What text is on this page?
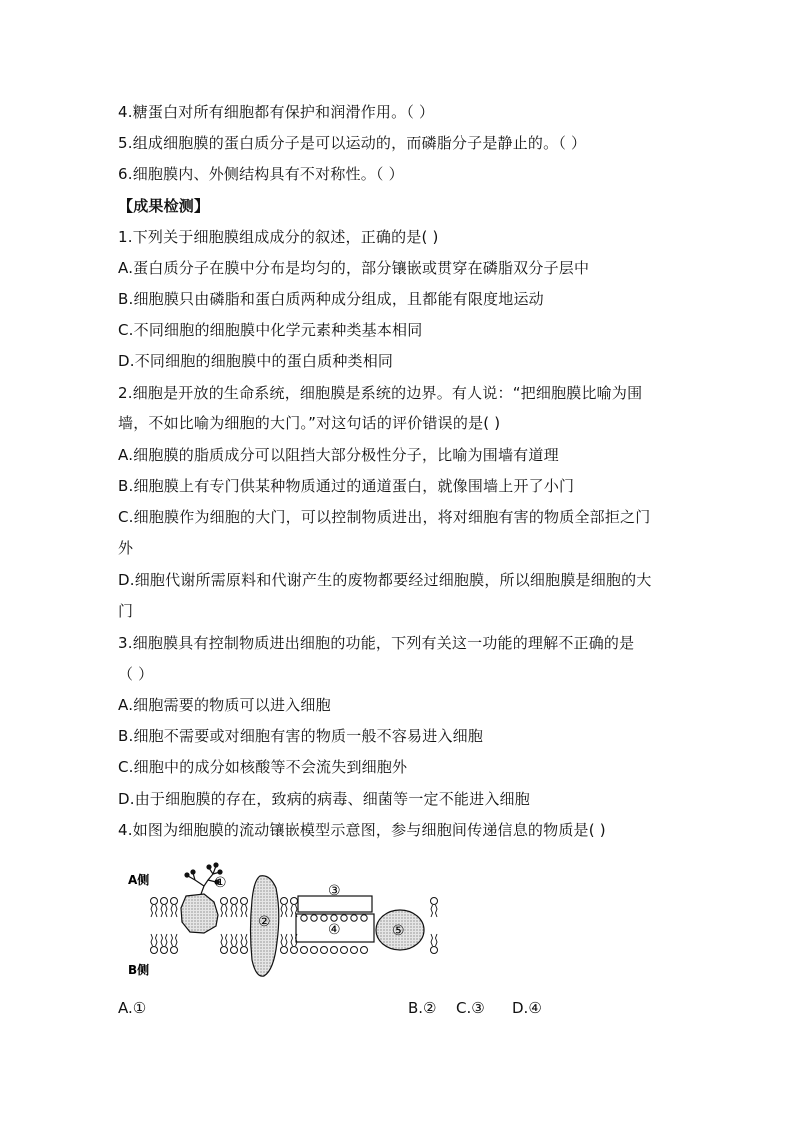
4.糖蛋白对所有细胞都有保护和润滑作用。（ ）
5.组成细胞膜的蛋白质分子是可以运动的，而磷脂分子是静止的。（ ）
6.细胞膜内、外侧结构具有不对称性。（ ）
【成果检测】
1.下列关于细胞膜组成成分的叙述，正确的是( )
A.蛋白质分子在膜中分布是均匀的，部分镶嵌或贯穿在磷脂双分子层中
B.细胞膜只由磷脂和蛋白质两种成分组成，且都能有限度地运动
C.不同细胞的细胞膜中化学元素种类基本相同
D.不同细胞的细胞膜中的蛋白质种类相同
2.细胞是开放的生命系统，细胞膜是系统的边界。有人说：“把细胞膜比喻为围
墙，不如比喻为细胞的大门。”对这句话的评价错误的是( )
A.细胞膜的脂质成分可以阻挡大部分极性分子，比喻为围墙有道理
B.细胞膜上有专门供某种物质通过的通道蛋白，就像围墙上开了小门
C.细胞膜作为细胞的大门，可以控制物质进出，将对细胞有害的物质全部拒之门
外
D.细胞代谢所需原料和代谢产生的废物都要经过细胞膜，所以细胞膜是细胞的大
门
3.细胞膜具有控制物质进出细胞的功能，下列有关这一功能的理解不正确的是
（ ）
A.细胞需要的物质可以进入细胞
B.细胞不需要或对细胞有害的物质一般不容易进入细胞
C.细胞中的成分如核酸等不会流失到细胞外
D.由于细胞膜的存在，致病的病毒、细菌等一定不能进入细胞
4.如图为细胞膜的流动镶嵌模型示意图，参与细胞间传递信息的物质是( )
A侧
B侧
①
②
③
④	⑤
A.①	B.② C.③ D.④
